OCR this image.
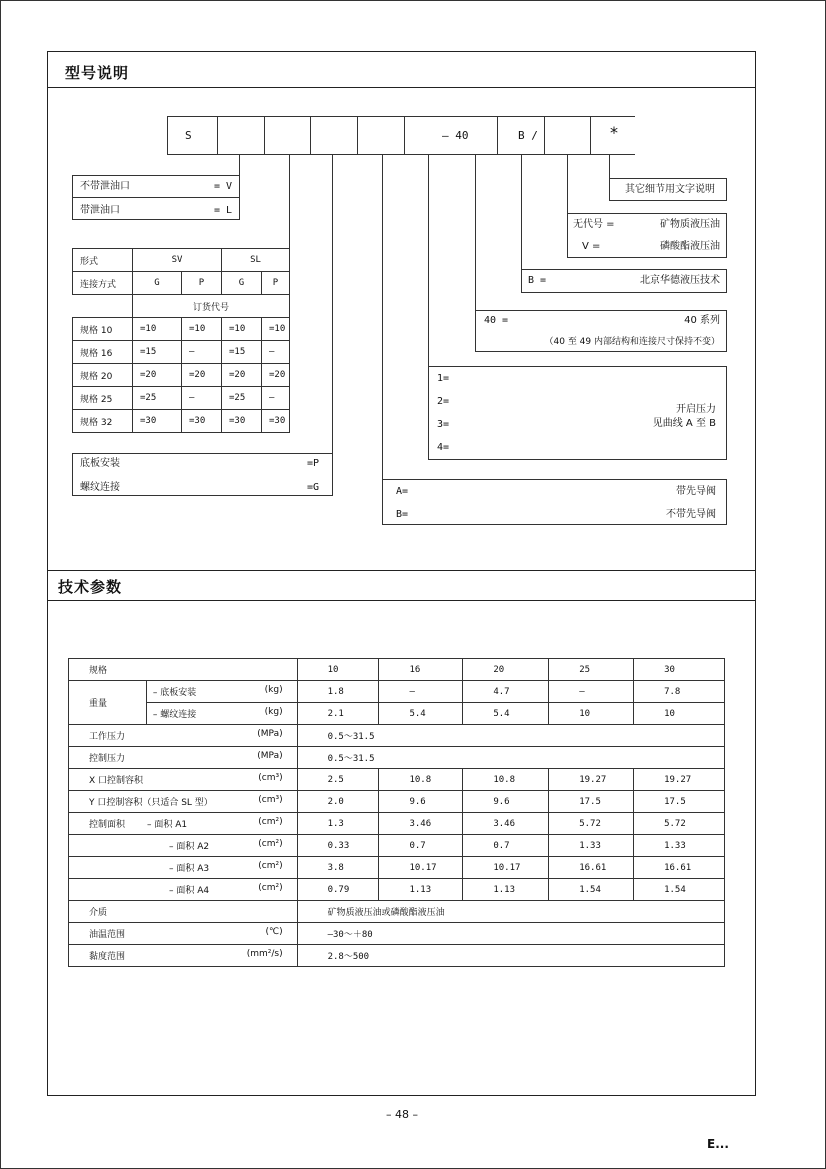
型号说明
技术参数
S	– 40	B /	*
不带泄油口	= V
带泄油口	= L
形式	SV		SL	
连接方式	G	P	G	P
	订货代号			
规格 10	=10	=10	=10	=10
规格 16	=15	–	=15	–
规格 20	=20	=20	=20	=20
规格 25	=25	–	=25	–
规格 32	=30	=30	=30	=30
底板安装	=P
螺纹连接	=G
其它细节用文字说明
无代号 =	矿物质液压油
V =	磷酸酯液压油
B =	北京华德液压技术
40 =	40 系列
（40 至 49 内部结构和连接尺寸保持不变）
1=
2=
3=
4=
开启压力
见曲线 A 至 B
A=	带先导阀
B=	不带先导阀
规格		10	16	20	25	30
重量	– 底板安装 (kg)	1.8	–	4.7	–	7.8
	– 螺纹连接 (kg)	2.1	5.4	5.4	10	10
工作压力 (MPa)		0.5～31.5				
控制压力 (MPa)		0.5～31.5				
X 口控制容积 (cm³)		2.5	10.8	10.8	19.27	19.27
Y 口控制容积（只适合 SL 型） (cm³)		2.0	9.6	9.6	17.5	17.5
控制面积 – 面积 A1 (cm²)		1.3	3.46	3.46	5.72	5.72
– 面积 A2 (cm²)		0.33	0.7	0.7	1.33	1.33
– 面积 A3 (cm²)		3.8	10.17	10.17	16.61	16.61
– 面积 A4 (cm²)		0.79	1.13	1.13	1.54	1.54
介质		矿物质液压油或磷酸酯液压油				
油温范围 (℃)		–30～＋80				
黏度范围 (mm²/s)		2.8～500				
– 48 –
E...
